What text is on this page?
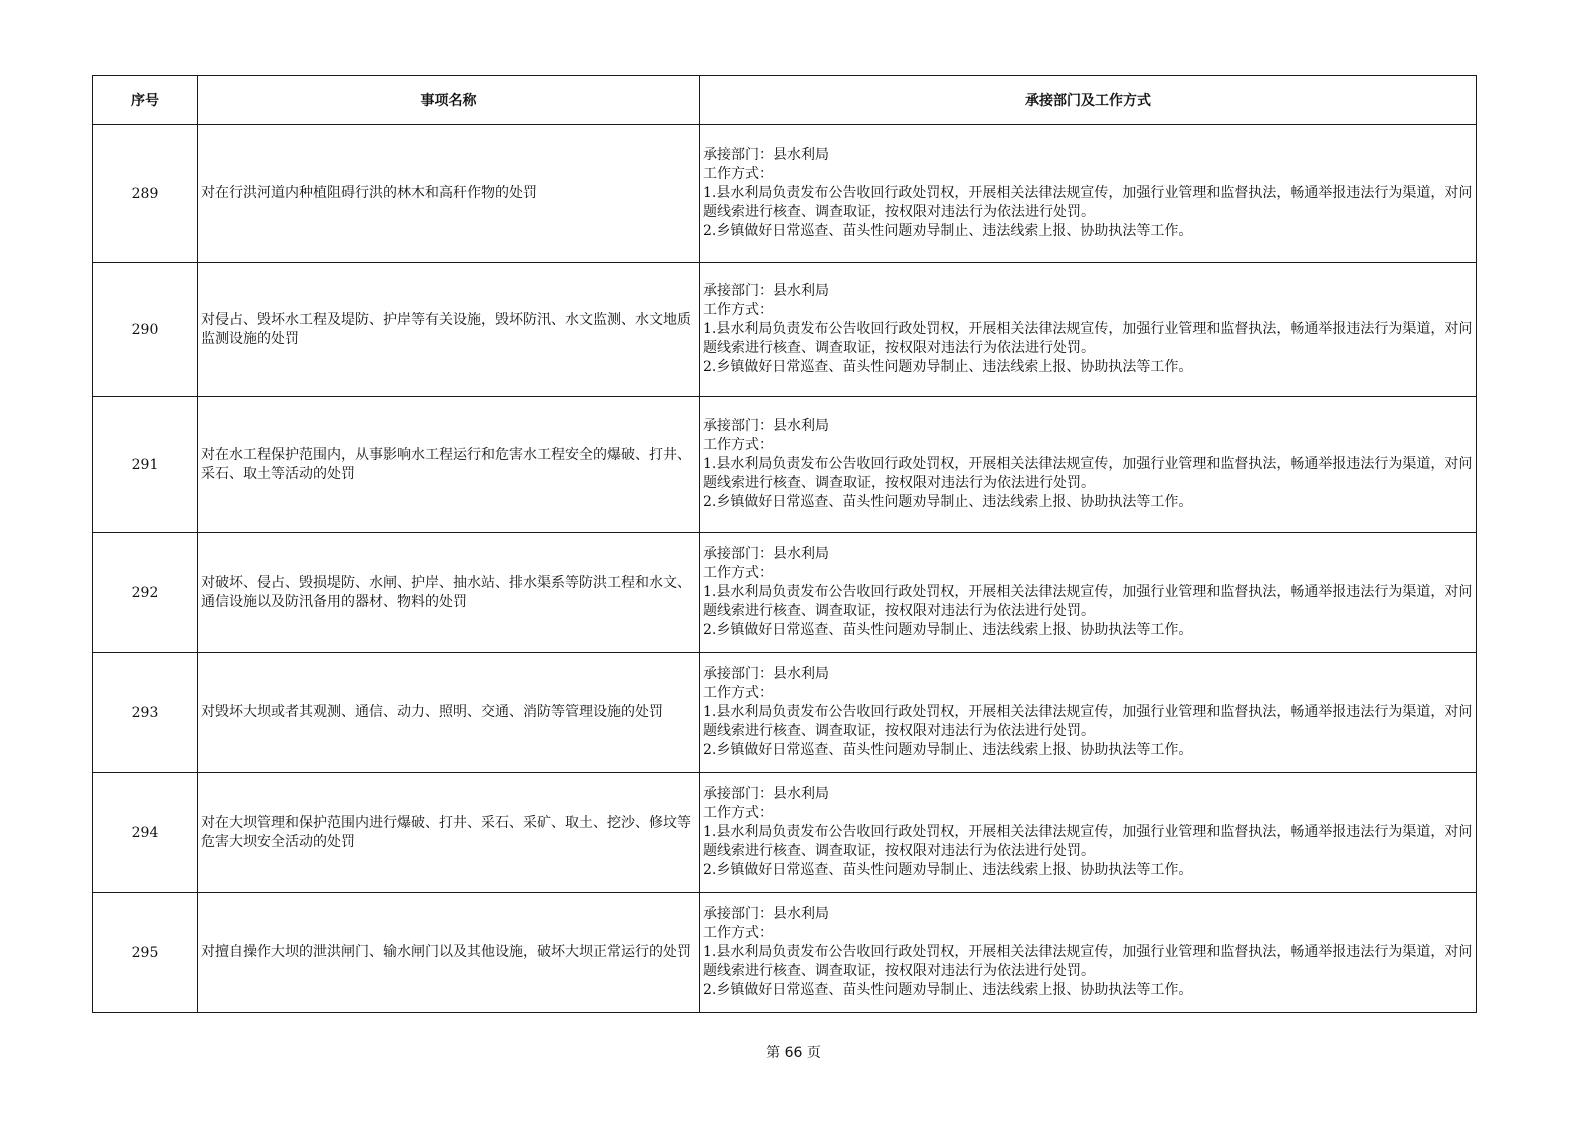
序号	事项名称	承接部门及工作方式
289	对在行洪河道内种植阻碍行洪的林木和高秆作物的处罚	承接部门：县水利局
工作方式：
1.县水利局负责发布公告收回行政处罚权，开展相关法律法规宣传，加强行业管理和监督执法，畅通举报违法行为渠道，对问题线索进行核查、调查取证，按权限对违法行为依法进行处罚。
2.乡镇做好日常巡查、苗头性问题劝导制止、违法线索上报、协助执法等工作。

290	对侵占、毁坏水工程及堤防、护岸等有关设施，毁坏防汛、水文监测、水文地质监测设施的处罚	承接部门：县水利局
工作方式：
1.县水利局负责发布公告收回行政处罚权，开展相关法律法规宣传，加强行业管理和监督执法，畅通举报违法行为渠道，对问题线索进行核查、调查取证，按权限对违法行为依法进行处罚。
2.乡镇做好日常巡查、苗头性问题劝导制止、违法线索上报、协助执法等工作。

291	对在水工程保护范围内，从事影响水工程运行和危害水工程安全的爆破、打井、采石、取土等活动的处罚	承接部门：县水利局
工作方式：
1.县水利局负责发布公告收回行政处罚权，开展相关法律法规宣传，加强行业管理和监督执法，畅通举报违法行为渠道，对问题线索进行核查、调查取证，按权限对违法行为依法进行处罚。
2.乡镇做好日常巡查、苗头性问题劝导制止、违法线索上报、协助执法等工作。

292	对破坏、侵占、毁损堤防、水闸、护岸、抽水站、排水渠系等防洪工程和水文、通信设施以及防汛备用的器材、物料的处罚	承接部门：县水利局
工作方式：
1.县水利局负责发布公告收回行政处罚权，开展相关法律法规宣传，加强行业管理和监督执法，畅通举报违法行为渠道，对问题线索进行核查、调查取证，按权限对违法行为依法进行处罚。
2.乡镇做好日常巡查、苗头性问题劝导制止、违法线索上报、协助执法等工作。

293	对毁坏大坝或者其观测、通信、动力、照明、交通、消防等管理设施的处罚	承接部门：县水利局
工作方式：
1.县水利局负责发布公告收回行政处罚权，开展相关法律法规宣传，加强行业管理和监督执法，畅通举报违法行为渠道，对问题线索进行核查、调查取证，按权限对违法行为依法进行处罚。
2.乡镇做好日常巡查、苗头性问题劝导制止、违法线索上报、协助执法等工作。

294	对在大坝管理和保护范围内进行爆破、打井、采石、采矿、取土、挖沙、修坟等危害大坝安全活动的处罚	承接部门：县水利局
工作方式：
1.县水利局负责发布公告收回行政处罚权，开展相关法律法规宣传，加强行业管理和监督执法，畅通举报违法行为渠道，对问题线索进行核查、调查取证，按权限对违法行为依法进行处罚。
2.乡镇做好日常巡查、苗头性问题劝导制止、违法线索上报、协助执法等工作。

295	对擅自操作大坝的泄洪闸门、输水闸门以及其他设施，破坏大坝正常运行的处罚	承接部门：县水利局
工作方式：
1.县水利局负责发布公告收回行政处罚权，开展相关法律法规宣传，加强行业管理和监督执法，畅通举报违法行为渠道，对问题线索进行核查、调查取证，按权限对违法行为依法进行处罚。
2.乡镇做好日常巡查、苗头性问题劝导制止、违法线索上报、协助执法等工作。
第 66 页
